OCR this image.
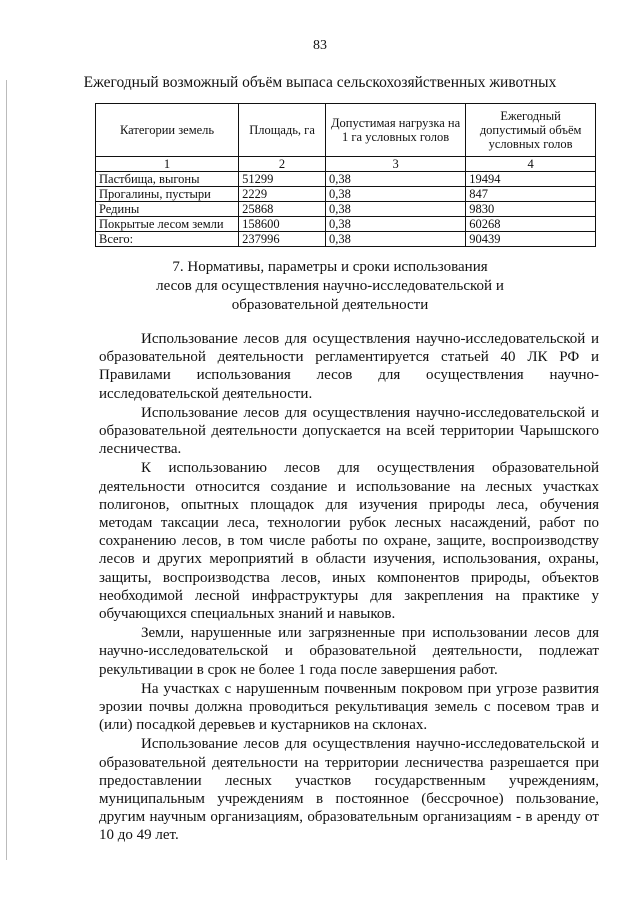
83
Ежегодный возможный объём выпаса сельскохозяйственных животных
Категории земель	Площадь, га	Допустимая нагрузка на 1 га условных голов	Ежегодный допустимый объём условных голов
1	2	3	4
Пастбища, выгоны	51299	0,38	19494
Прогалины, пустыри	2229	0,38	847
Редины	25868	0,38	9830
Покрытые лесом земли	158600	0,38	60268
Всего:	237996	0,38	90439
7. Нормативы, параметры и сроки использования
лесов для осуществления научно-исследовательской и
образовательной деятельности

Использование лесов для осуществления научно-исследовательской и образовательной деятельности регламентируется статьей 40 ЛК РФ и Правилами использования лесов для осуществления научно-исследовательской деятельности.

Использование лесов для осуществления научно-исследовательской и образовательной деятельности допускается на всей территории Чарышского лесничества.

К использованию лесов для осуществления образовательной деятельности относится создание и использование на лесных участках полигонов, опытных площадок для изучения природы леса, обучения методам таксации леса, технологии рубок лесных насаждений, работ по сохранению лесов, в том числе работы по охране, защите, воспроизводству лесов и других мероприятий в области изучения, использования, охраны, защиты, воспроизводства лесов, иных компонентов природы, объектов необходимой лесной инфраструктуры для закрепления на практике у обучающихся специальных знаний и навыков.

Земли, нарушенные или загрязненные при использовании лесов для научно-исследовательской и образовательной деятельности, подлежат рекультивации в срок не более 1 года после завершения работ.

На участках с нарушенным почвенным покровом при угрозе развития эрозии почвы должна проводиться рекультивация земель с посевом трав и (или) посадкой деревьев и кустарников на склонах.

Использование лесов для осуществления научно-исследовательской и образовательной деятельности на территории лесничества разрешается при предоставлении лесных участков государственным учреждениям, муниципальным учреждениям в постоянное (бессрочное) пользование, другим научным организациям, образовательным организациям - в аренду от 10 до 49 лет.
